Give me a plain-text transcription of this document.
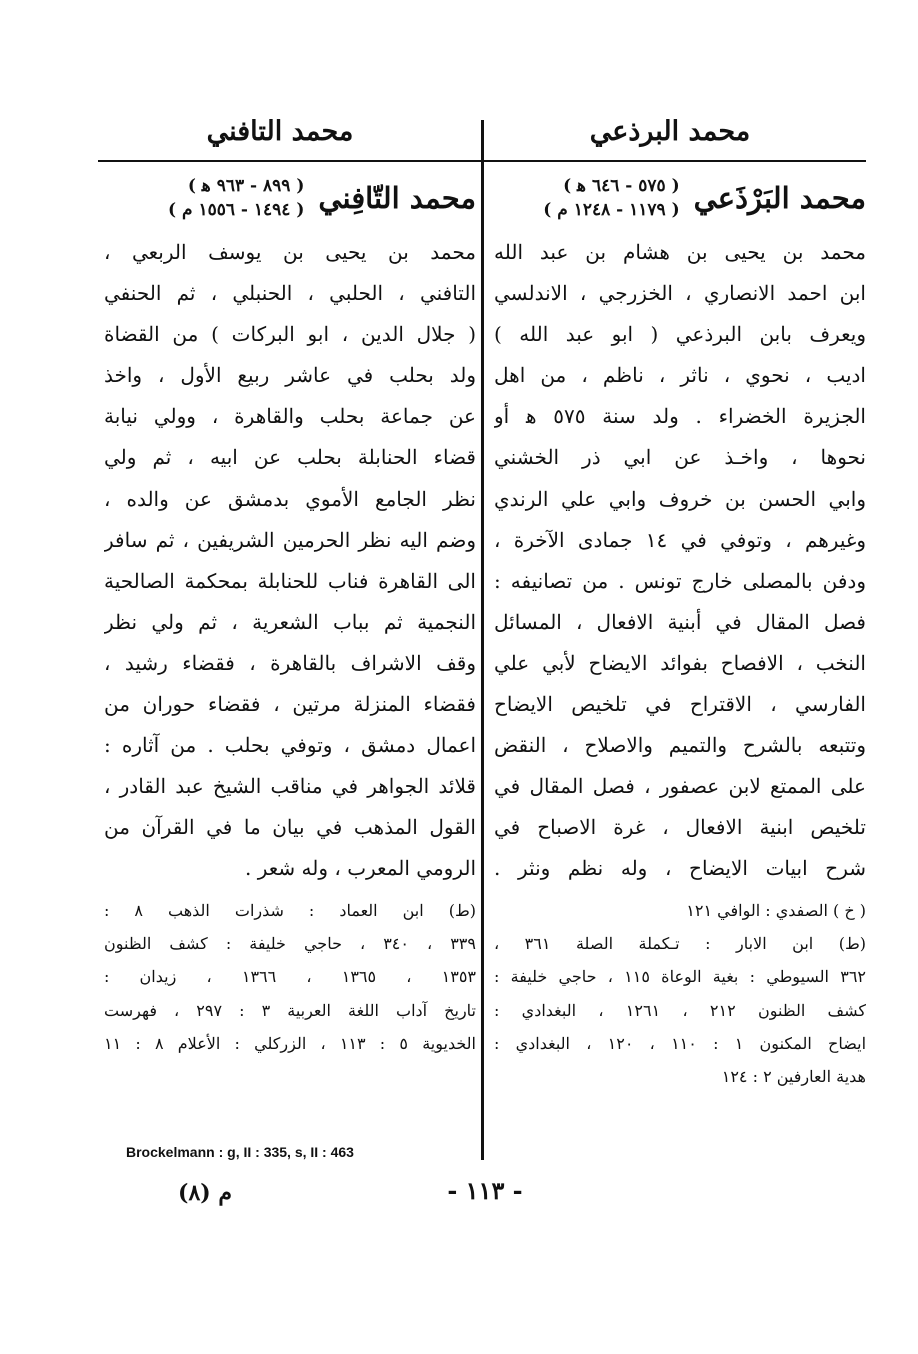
محمد البرذعي
محمد التافني
محمد البَرْذَعي
( ٥٧٥ - ٦٤٦ ﻫ )
( ١١٧٩ - ١٢٤٨ م )
محمد بن يحيى بن هشام بن عبد الله
ابن احمد الانصاري ، الخزرجي ، الاندلسي
ويعرف بابن البرذعي ( ابو عبد الله )
اديب ، نحوي ، ناثر ، ناظم ، من اهل
الجزيرة الخضراء . ولد سنة ٥٧٥ ﻫ أو
نحوها ، واخـذ عن ابي ذر الخشني
وابي الحسن بن خروف وابي علي الرندي
وغيرهم ، وتوفي في ١٤ جمادى الآخرة ،
ودفن بالمصلى خارج تونس . من تصانيفه :
فصل المقال في أبنية الافعال ، المسائل
النخب ، الافصاح بفوائد الايضاح لأبي علي
الفارسي ، الاقتراح في تلخيص الايضاح
وتتبعه بالشرح والتميم والاصلاح ، النقض
على الممتع لابن عصفور ، فصل المقال في
تلخيص ابنية الافعال ، غرة الاصباح في
شرح ابيات الايضاح ، وله نظم ونثر .
( خ ) الصفدي : الوافي ١٢١
(ط) ابن الابار : تـكملة الصلة ٣٦١ ،
٣٦٢ السيوطي : بغية الوعاة ١١٥ ، حاجي خليفة :
كشف الظنون ٢١٢ ، ١٢٦١ ، البغدادي :
ايضاح المكنون ١ : ١١٠ ، ١٢٠ ، البغدادي :
هدية العارفين ٢ : ١٢٤
محمد التّافِني
( ٨٩٩ - ٩٦٣ ﻫ )
( ١٤٩٤ - ١٥٥٦ م )
محمد بن يحيى بن يوسف الربعي ،
التافني ، الحلبي ، الحنبلي ، ثم الحنفي
( جلال الدين ، ابو البركات ) من القضاة
ولد بحلب في عاشر ربيع الأول ، واخذ
عن جماعة بحلب والقاهرة ، وولي نيابة
قضاء الحنابلة بحلب عن ابيه ، ثم ولي
نظر الجامع الأموي بدمشق عن والده ،
وضم اليه نظر الحرمين الشريفين ، ثم سافر
الى القاهرة فناب للحنابلة بمحكمة الصالحية
النجمية ثم بباب الشعرية ، ثم ولي نظر
وقف الاشراف بالقاهرة ، فقضاء رشيد ،
فقضاء المنزلة مرتين ، فقضاء حوران من
اعمال دمشق ، وتوفي بحلب . من آثاره :
قلائد الجواهر في مناقب الشيخ عبد القادر ،
القول المذهب في بيان ما في القرآن من
الرومي المعرب ، وله شعر .
(ط) ابن العماد : شذرات الذهب ٨ :
٣٣٩ ، ٣٤٠ ، حاجي خليفة : كشف الظنون
١٣٥٣ ، ١٣٦٥ ، ١٣٦٦ ، زيدان :
تاريخ آداب اللغة العربية ٣ : ٢٩٧ ، فهرست
الخديوية ٥ : ١١٣ ، الزركلي : الأعلام ٨ : ١١
Brockelmann : g, II : 335, s, II : 463
- ١١٣ -
م (٨)
